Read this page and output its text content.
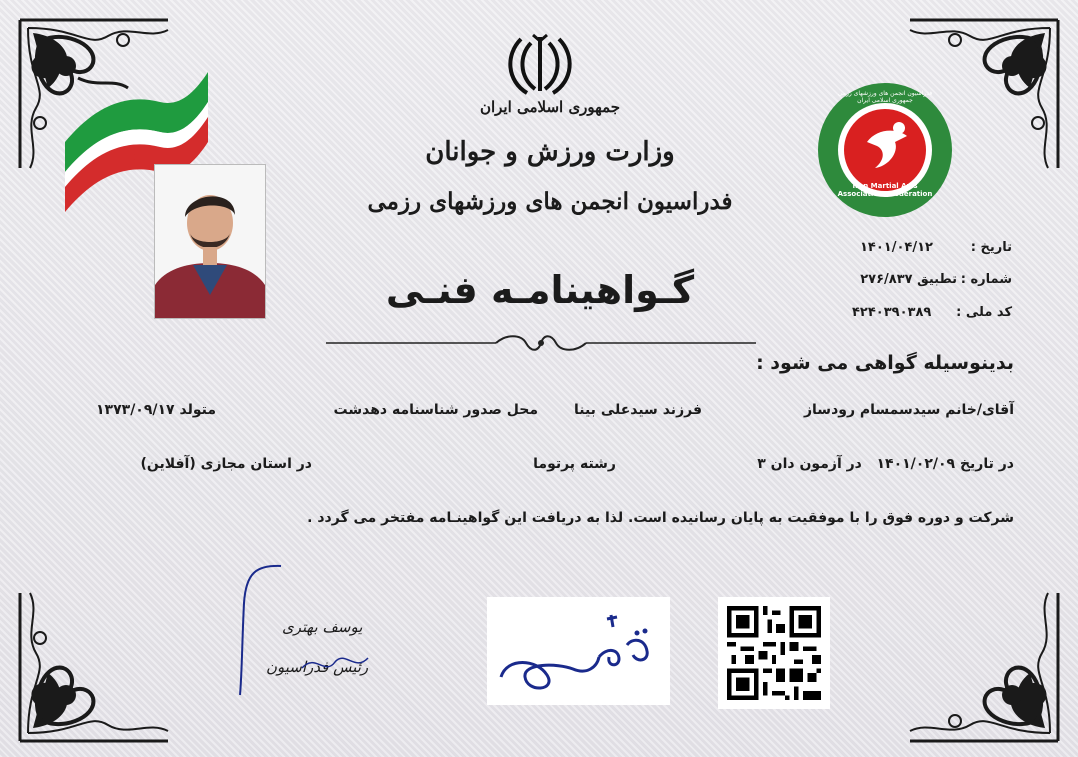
جمهوری اسلامی ایران
وزارت ورزش و جوانان
فدراسیون انجمن های ورزشهای رزمی
گـواهینامـه فنـی
Iran Martial Arts Associations Federation
فدراسیون انجمن های ورزشهای رزمی جمهوری اسلامی ایران
تاریخ :
۱۴۰۱/۰۴/۱۲
شماره :
تطبیق ۲۷۶/۸۳۷
کد ملی :
۴۲۴۰۳۹۰۳۸۹
بدینوسیله گواهی می شود :
آقای/خانم سیدسمسام رودساز
فرزند سیدعلی بینا
محل صدور شناسنامه دهدشت
متولد ۱۳۷۳/۰۹/۱۷
در تاریخ ۱۴۰۱/۰۲/۰۹   در آزمون دان ۳
رشته پرتوما
در استان مجازی (آفلاین)
شرکت و دوره فوق را با موفقیت به پایان رسانیده است. لذا به دریافت این گواهینـامه مفتخر می گردد .
یوسف بهتری
رئیس فدراسیون
